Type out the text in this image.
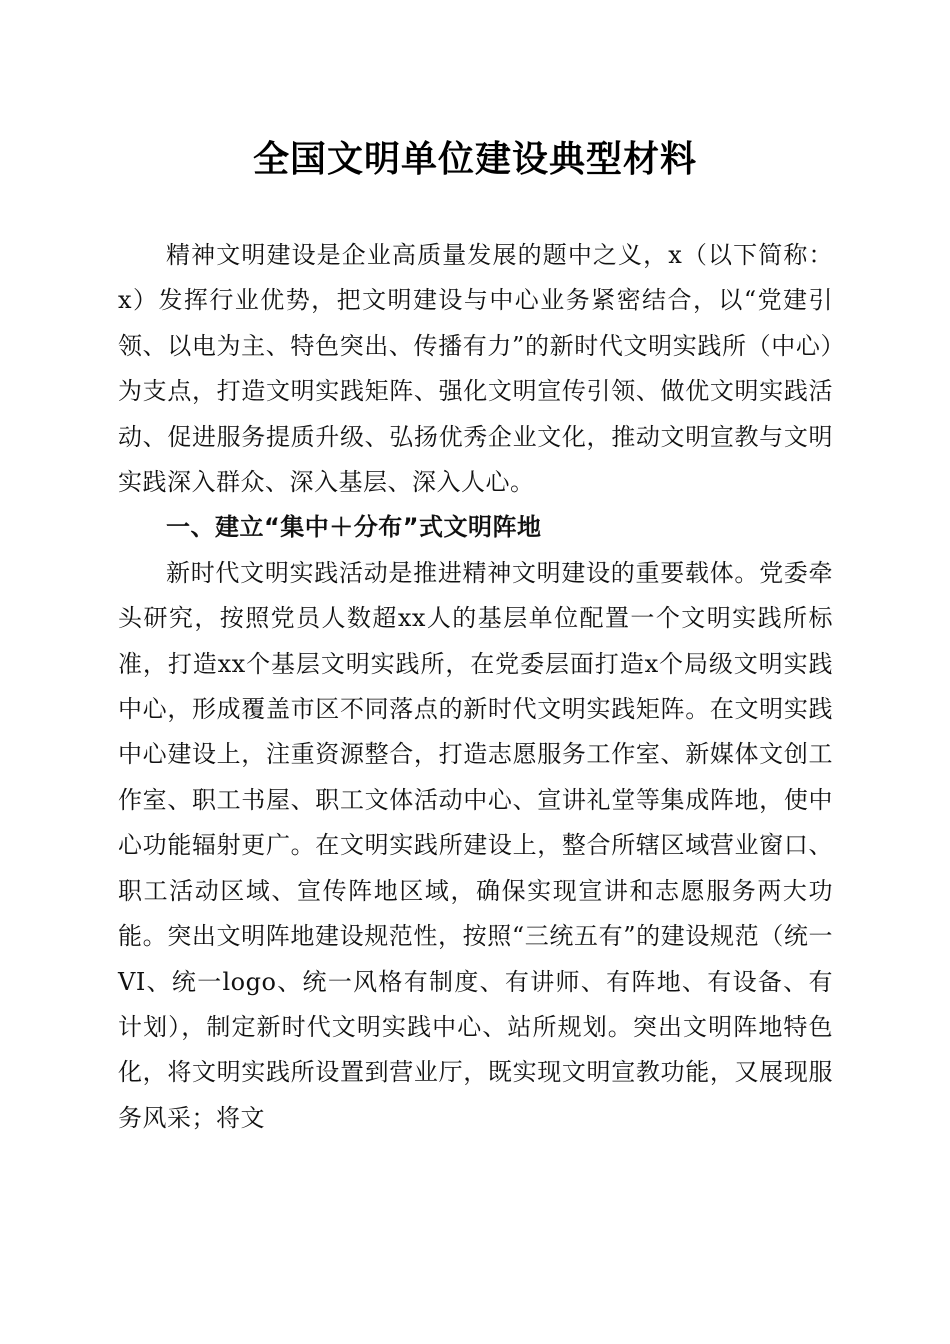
全国文明单位建设典型材料

精神文明建设是企业高质量发展的题中之义，x（以下简称：x）发挥行业优势，把文明建设与中心业务紧密结合，以“党建引领、以电为主、特色突出、传播有力”的新时代文明实践所（中心）为支点，打造文明实践矩阵、强化文明宣传引领、做优文明实践活动、促进服务提质升级、弘扬优秀企业文化，推动文明宣教与文明实践深入群众、深入基层、深入人心。

一、建立“集中＋分布”式文明阵地

新时代文明实践活动是推进精神文明建设的重要载体。党委牵头研究，按照党员人数超xx人的基层单位配置一个文明实践所标准，打造xx个基层文明实践所，在党委层面打造x个局级文明实践中心，形成覆盖市区不同落点的新时代文明实践矩阵。在文明实践中心建设上，注重资源整合，打造志愿服务工作室、新媒体文创工作室、职工书屋、职工文体活动中心、宣讲礼堂等集成阵地，使中心功能辐射更广。在文明实践所建设上，整合所辖区域营业窗口、职工活动区域、宣传阵地区域，确保实现宣讲和志愿服务两大功能。突出文明阵地建设规范性，按照“三统五有”的建设规范（统一VI、统一logo、统一风格有制度、有讲师、有阵地、有设备、有计划），制定新时代文明实践中心、站所规划。突出文明阵地特色化，将文明实践所设置到营业厅，既实现文明宣教功能，又展现服务风采；将文
